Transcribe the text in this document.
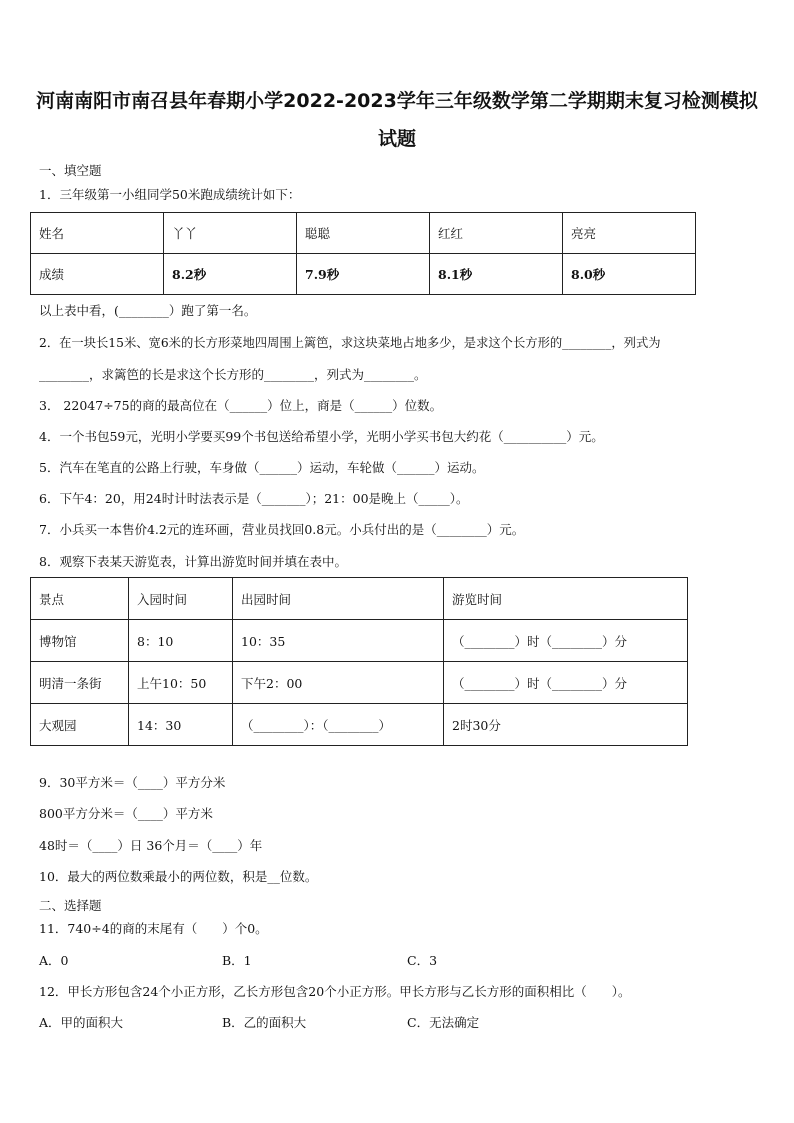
河南南阳市南召县年春期小学2022-2023学年三年级数学第二学期期末复习检测模拟
试题
一、填空题
1．三年级第一小组同学50米跑成绩统计如下：
姓名	丫丫	聪聪	红红	亮亮
成绩	8.2秒	7.9秒	8.1秒	8.0秒
以上表中看，(________）跑了第一名。
2．在一块长15米、宽6米的长方形菜地四周围上篱笆，求这块菜地占地多少，是求这个长方形的________，列式为
________，求篱笆的长是求这个长方形的________，列式为________。
3． 22047÷75的商的最高位在（______）位上，商是（______）位数。
4．一个书包59元，光明小学要买99个书包送给希望小学，光明小学买书包大约花（__________）元。
5．汽车在笔直的公路上行驶，车身做（______）运动，车轮做（______）运动。
6．下午4：20，用24时计时法表示是（_______）；21：00是晚上（_____）。
7．小兵买一本售价4.2元的连环画，营业员找回0.8元。小兵付出的是（________）元。
8．观察下表某天游览表，计算出游览时间并填在表中。
景点	入园时间	出园时间	游览时间
博物馆	8：10	10：35	（________）时（________）分
明清一条街	上午10：50	下午2：00	（________）时（________）分
大观园	14：30	（________）：（________）	2时30分
9．30平方米＝（____）平方分米
800平方分米＝（____）平方米
48时＝（____）日 36个月＝（____）年
10．最大的两位数乘最小的两位数，积是__位数。
二、选择题
11．740÷4的商的末尾有（　　）个0。
A．0	B．1	C．3
12．甲长方形包含24个小正方形，乙长方形包含20个小正方形。甲长方形与乙长方形的面积相比（　　）。
A．甲的面积大	B．乙的面积大	C．无法确定
